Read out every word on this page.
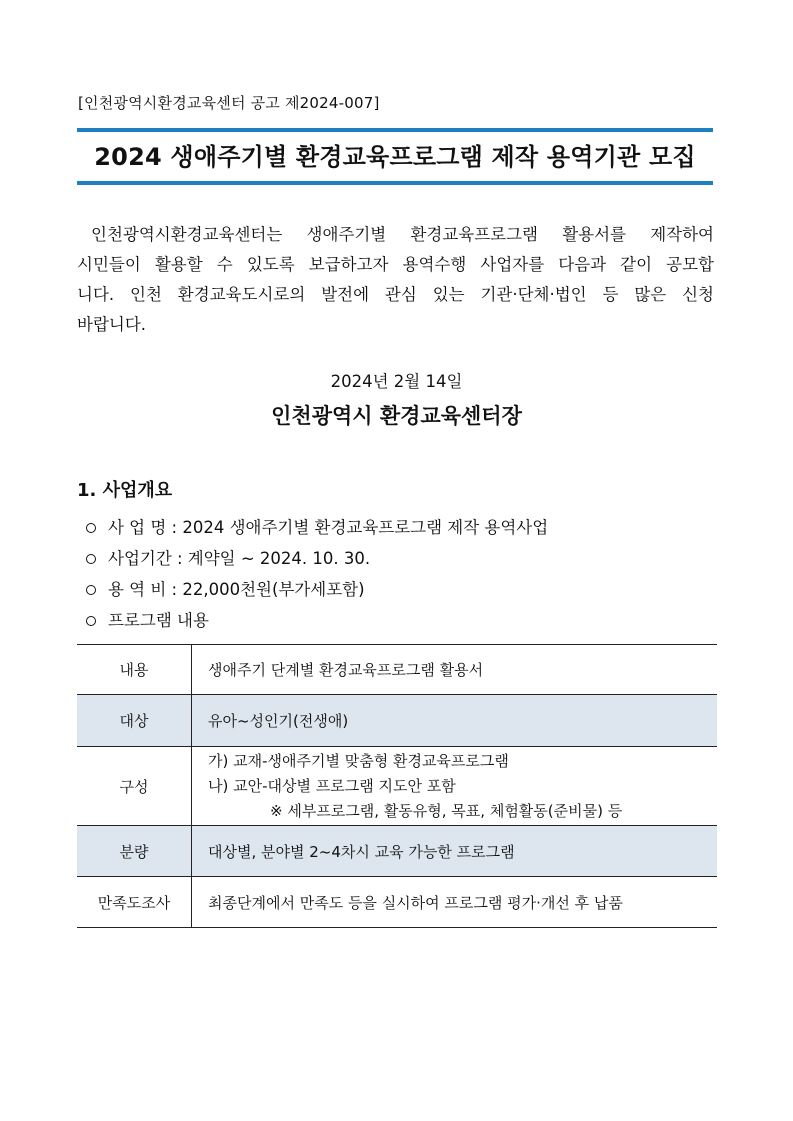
[인천광역시환경교육센터 공고 제2024-007]
2024 생애주기별 환경교육프로그램 제작 용역기관 모집
인천광역시환경교육센터는 생애주기별 환경교육프로그램 활용서를 제작하여
시민들이 활용할 수 있도록 보급하고자 용역수행 사업자를 다음과 같이 공모합
니다. 인천 환경교육도시로의 발전에 관심 있는 기관·단체·법인 등 많은 신청
바랍니다.
2024년 2월 14일
인천광역시 환경교육센터장
1. 사업개요
사 업 명 : 2024 생애주기별 환경교육프로그램 제작 용역사업
사업기간 : 계약일 ~ 2024. 10. 30.
용 역 비 : 22,000천원(부가세포함)
프로그램 내용
내용	생애주기 단계별 환경교육프로그램 활용서
대상	유아~성인기(전생애)
구성	가) 교재-생애주기별 맞춤형 환경교육프로그램
나) 교안-대상별 프로그램 지도안 포함
※ 세부프로그램, 활동유형, 목표, 체험활동(준비물) 등

분량	대상별, 분야별 2~4차시 교육 가능한 프로그램
만족도조사	최종단계에서 만족도 등을 실시하여 프로그램 평가·개선 후 납품
